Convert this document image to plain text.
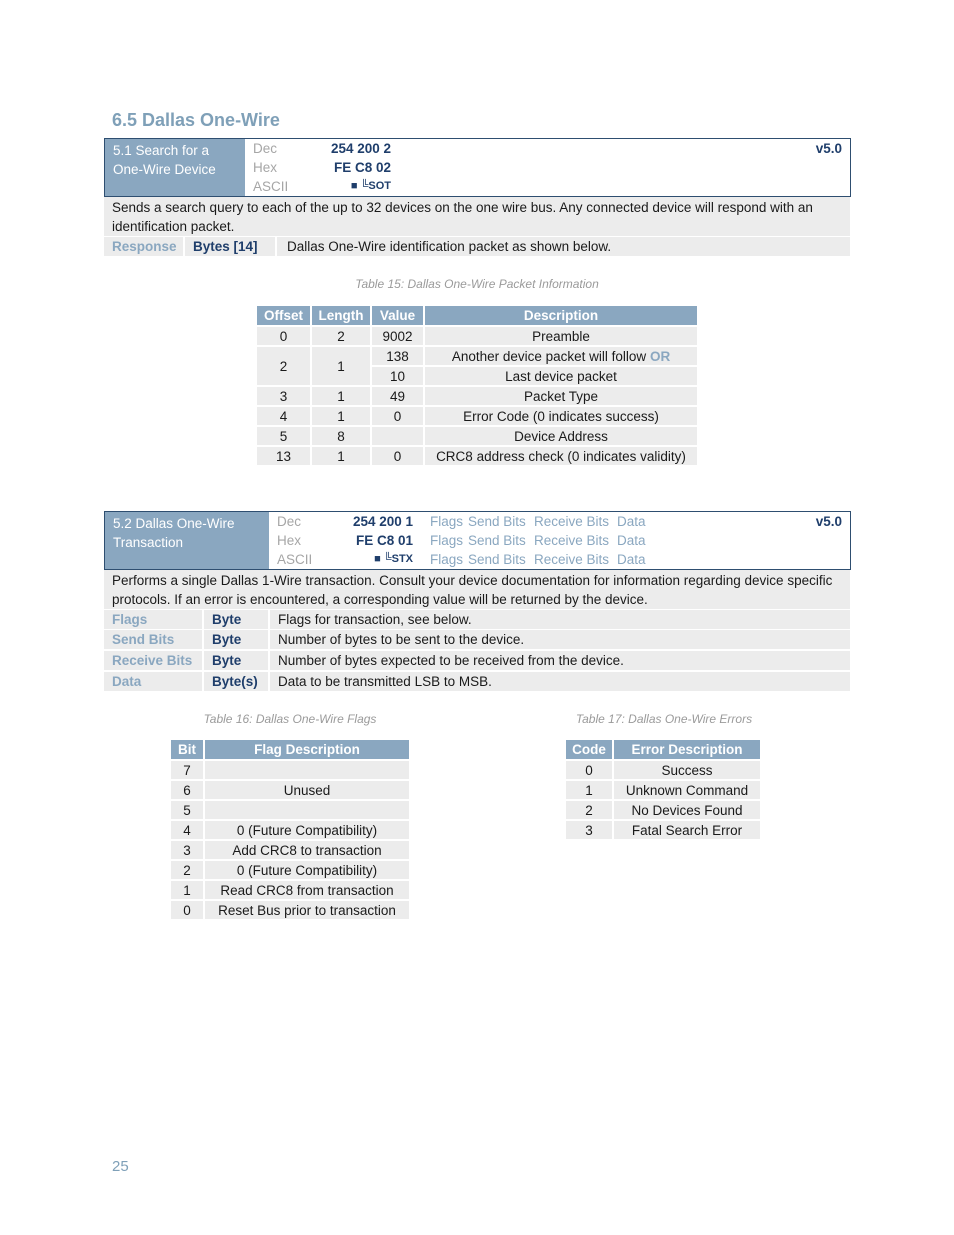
6.5 Dallas One-Wire
5.1 Search for a
One-Wire Device
Dec	254 200 2
Hex	FE C8 02
ASCII	■ ╚SOT
v5.0
Sends a search query to each of the up to 32 devices on the one wire bus. Any connected device will respond with an identification packet.
Response	Bytes [14]	Dallas One-Wire identification packet as shown below.
Table 15: Dallas One-Wire Packet Information
Offset	Length	Value	Description
0	2	9002	Preamble
2	1	138	Another device packet will follow OR
		10	Last device packet
3	1	49	Packet Type
4	1	0	Error Code (0 indicates success)
5	8		Device Address
13	1	0	CRC8 address check (0 indicates validity)
5.2 Dallas One-Wire
Transaction
Dec	254 200 1
Hex	FE C8 01
ASCII	■ ╚STX
Flags Send Bits Receive Bits Data
Flags Send Bits Receive Bits Data
Flags Send Bits Receive Bits Data
v5.0
Performs a single Dallas 1-Wire transaction. Consult your device documentation for information regarding device specific protocols. If an error is encountered, a corresponding value will be returned by the device.
Flags	Byte	Flags for transaction, see below.
Send Bits	Byte	Number of bytes to be sent to the device.
Receive Bits	Byte	Number of bytes expected to be received from the device.
Data	Byte(s)	Data to be transmitted LSB to MSB.
Table 16: Dallas One-Wire Flags	Table 17: Dallas One-Wire Errors
Bit	Flag Description
7	
6	Unused
5	
4	0 (Future Compatibility)
3	Add CRC8 to transaction
2	0 (Future Compatibility)
1	Read CRC8 from transaction
0	Reset Bus prior to transaction
Code	Error Description
0	Success
1	Unknown Command
2	No Devices Found
3	Fatal Search Error
25
